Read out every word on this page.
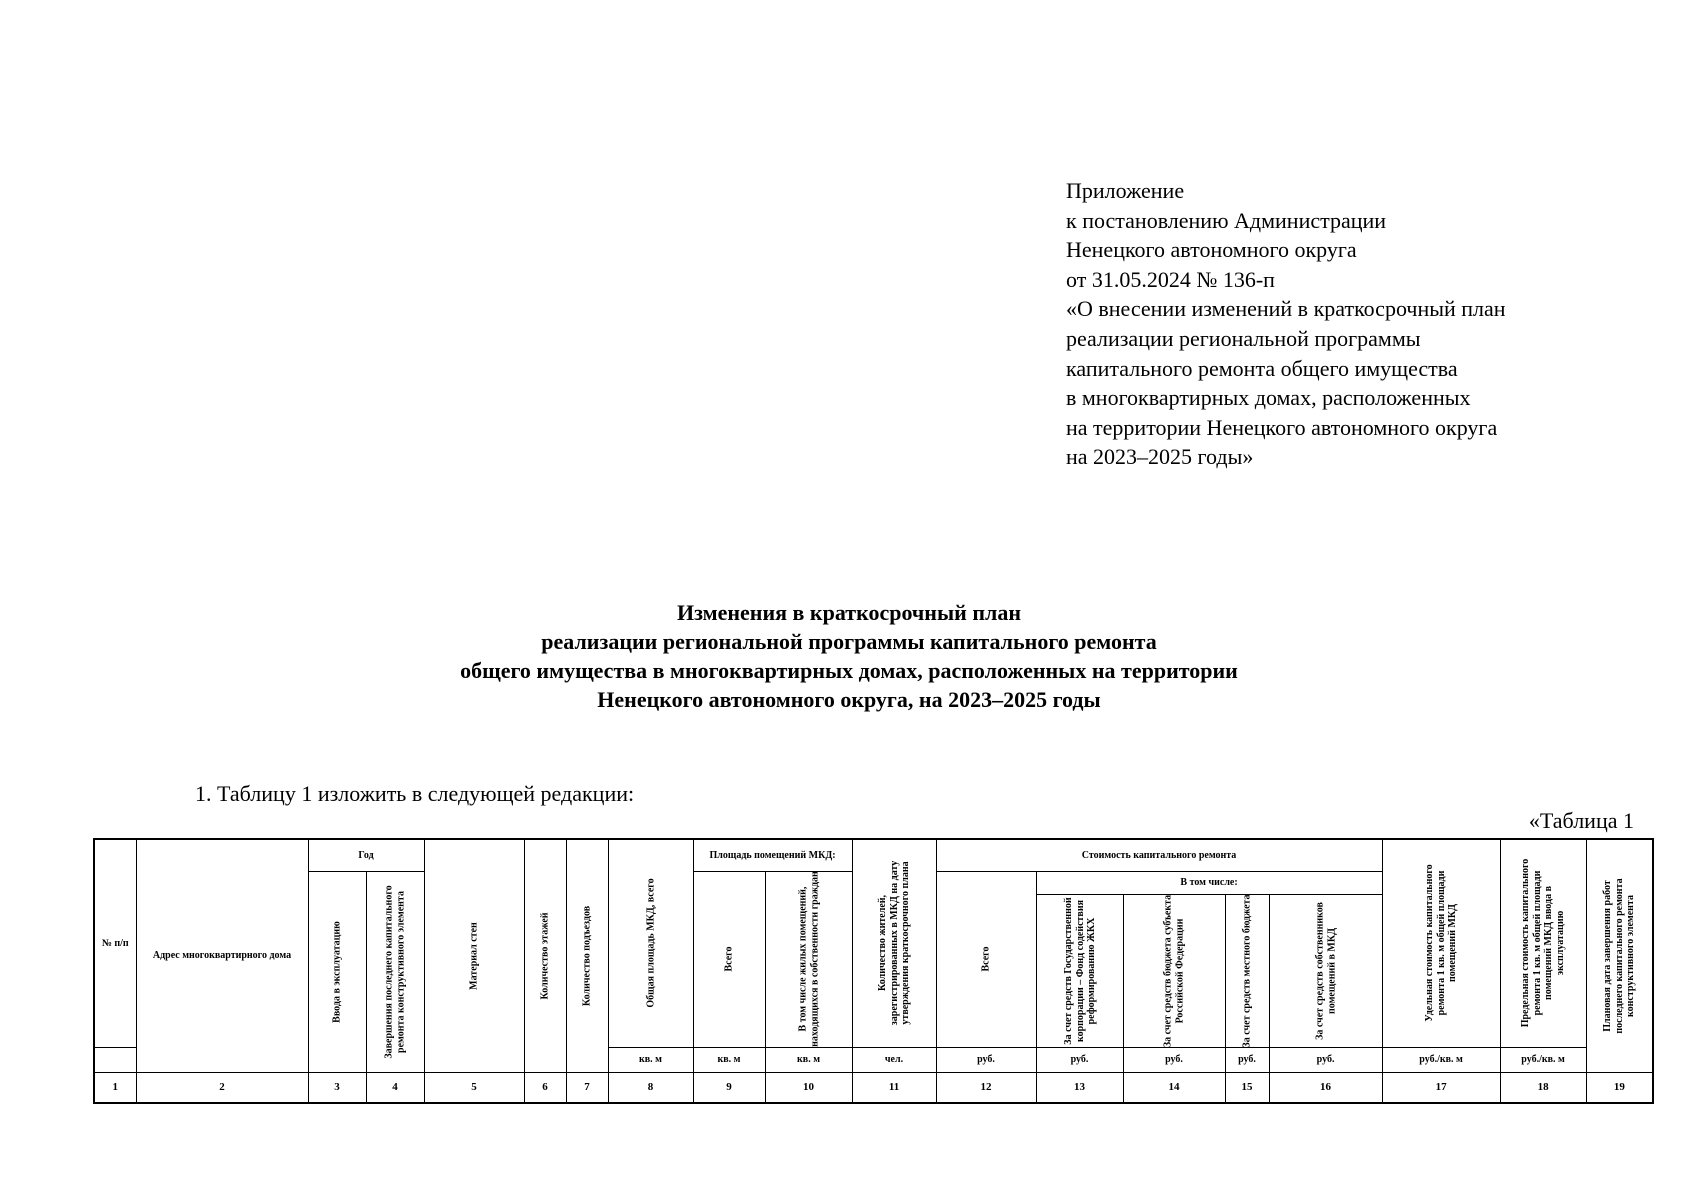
Приложение
к постановлению Администрации
Ненецкого автономного округа
от 31.05.2024 № 136-п
«О внесении изменений в краткосрочный план
реализации региональной программы
капитального ремонта общего имущества
в многоквартирных домах, расположенных
на территории Ненецкого автономного округа
на 2023–2025 годы»
Изменения в краткосрочный план
реализации региональной программы капитального ремонта
общего имущества в многоквартирных домах, расположенных на территории
Ненецкого автономного округа, на 2023–2025 годы
1. Таблицу 1 изложить в следующей редакции:
«Таблица 1
№ п/п	Адрес многоквартирного дома	Год		Материал стен	Количество этажей	Количество подъездов	Общая площадь МКД, всего	Площадь помещений МКД:		Количество жителей, зарегистрированных в МКД на дату утверждения краткосрочного плана	Стоимость капитального ремонта					Удельная стоимость капитального ремонта 1 кв. м общей площади помещений МКД	Предельная стоимость капитального ремонта 1 кв. м общей площади помещений МКД ввода в эксплуатацию	Плановая дата завершения работ последнего капитального ремонта конструктивного элемента

		Ввода в эксплуатацию	Завершения последнего капитального ремонта конструктивного элемента					Всего	В том числе жилых помещений, находящихся в собственности граждан		Всего	В том числе:						

												За счет средств Государственной корпорации – Фонд содействия реформированию ЖКХ	За счет средств бюджета субъекта Российской Федерации	За счет средств местного бюджета	За счет средств собственников помещений в МКД			

							кв. м	кв. м	кв. м	чел.	руб.	руб.	руб.	руб.	руб.	руб./кв. м	руб./кв. м	
1	2	3	4	5	6	7	8	9	10	11	12	13	14	15	16	17	18	19
